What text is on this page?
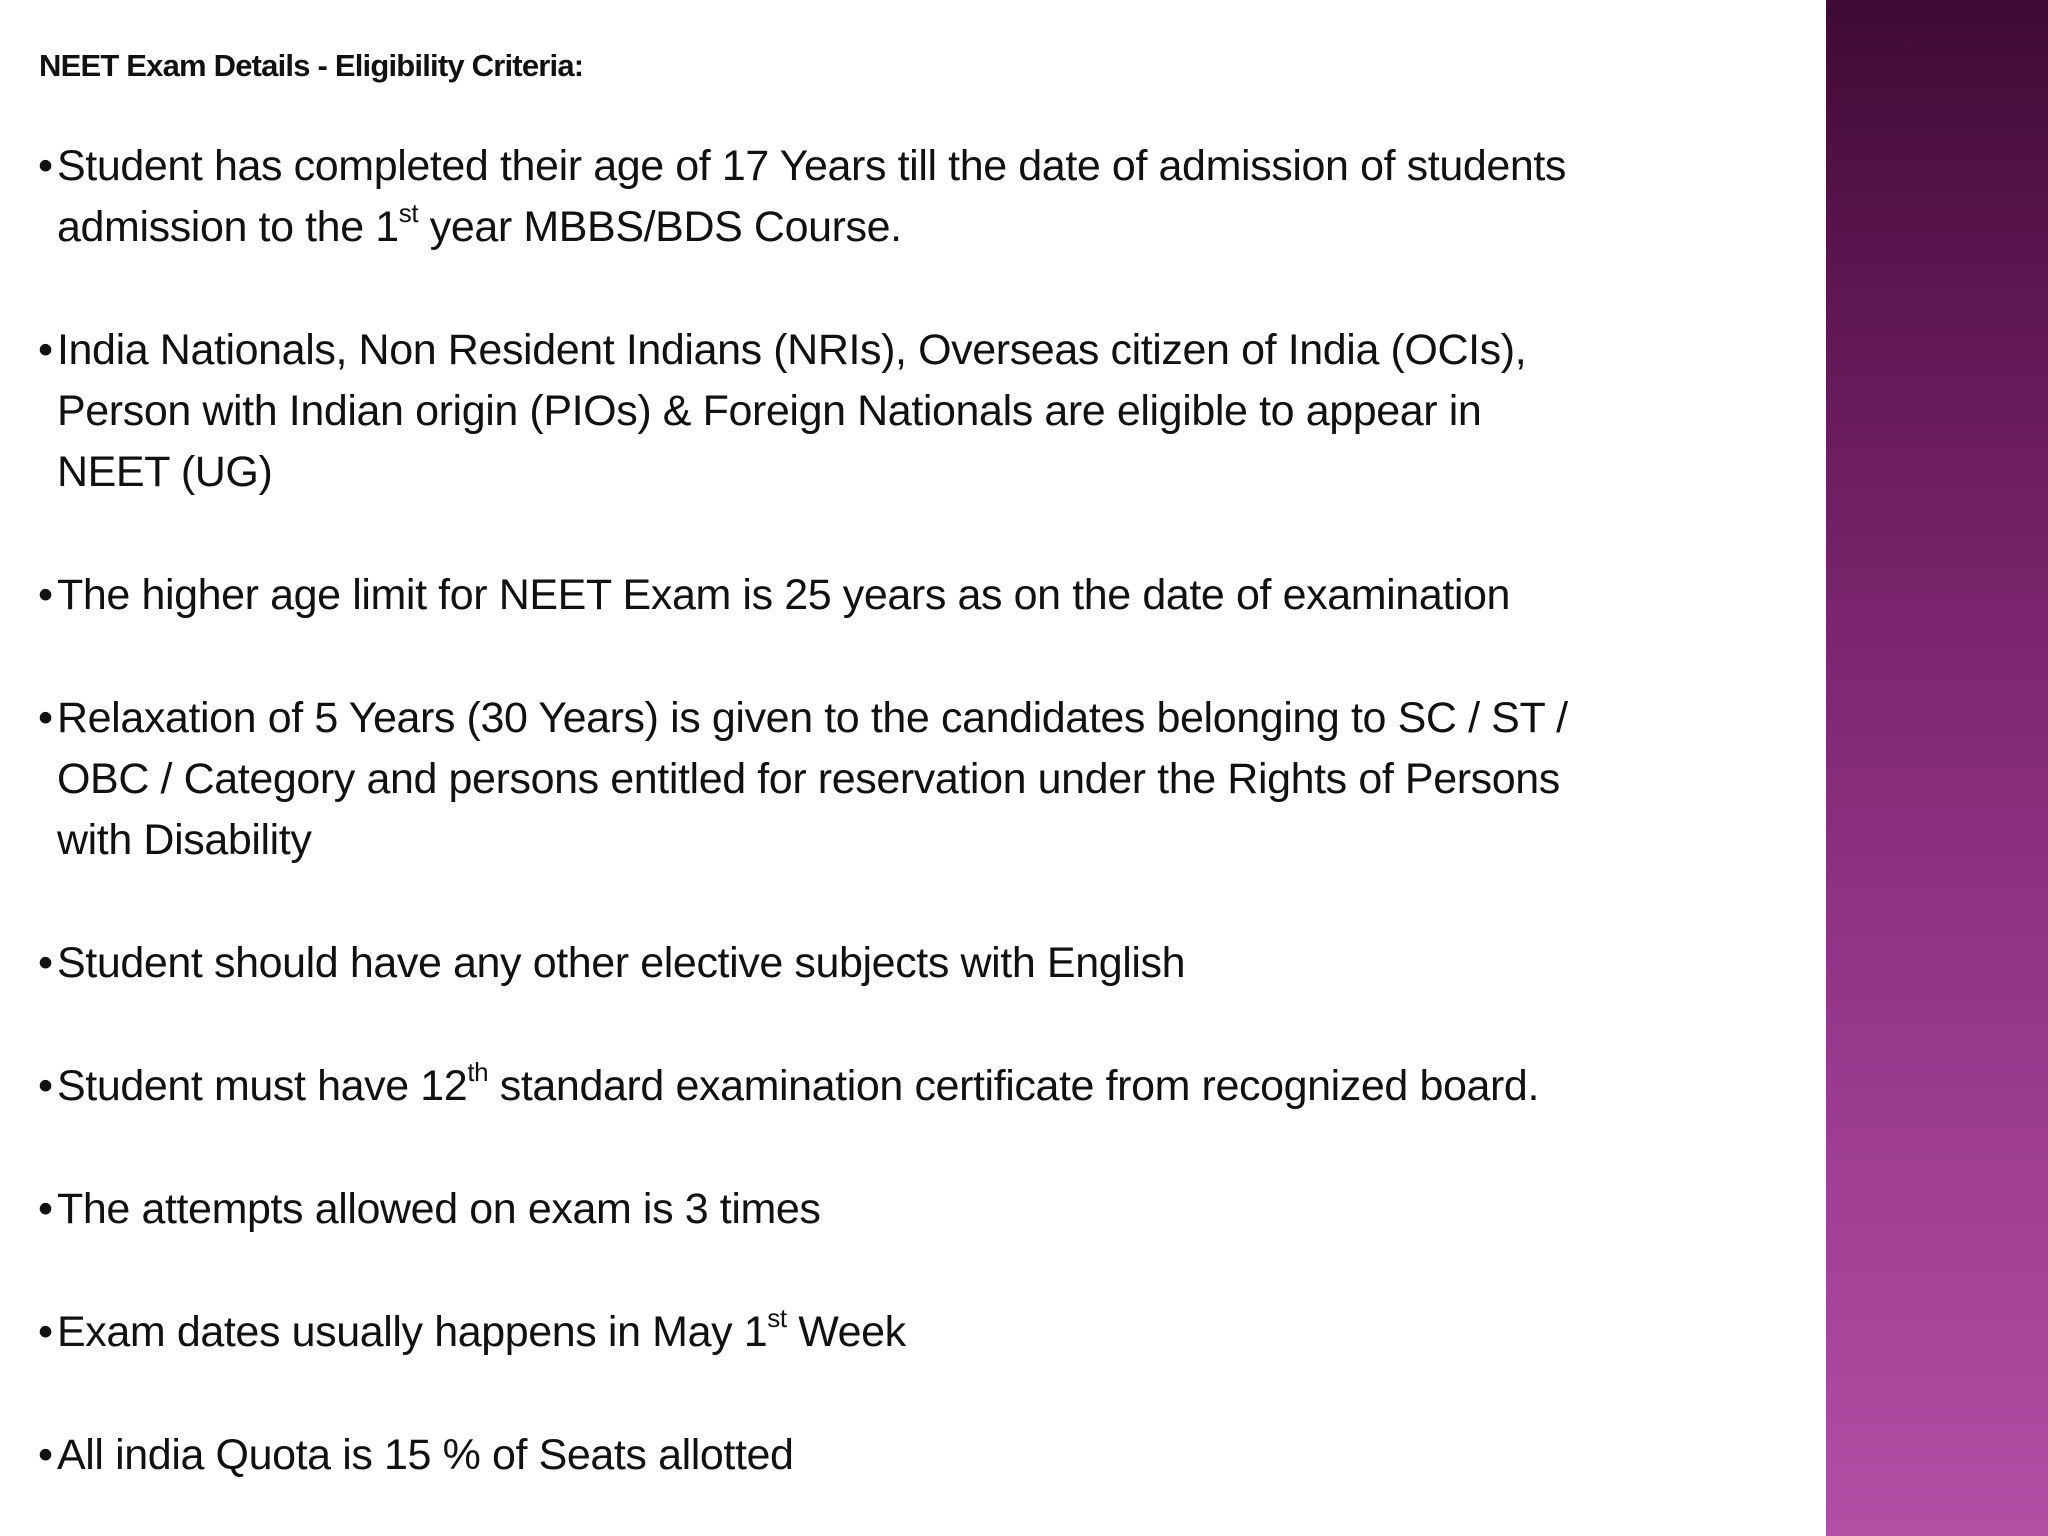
NEET Exam Details - Eligibility Criteria:
• Student has completed their age of 17 Years till the date of admission of students
admission to the 1st year MBBS/BDS Course.
• India Nationals, Non Resident Indians (NRIs), Overseas citizen of India (OCIs),
Person with Indian origin (PIOs) & Foreign Nationals are eligible to appear in
NEET (UG)
• The higher age limit for NEET Exam is 25 years as on the date of examination
• Relaxation of 5 Years (30 Years) is given to the candidates belonging to SC / ST /
OBC / Category and persons entitled for reservation under the Rights of Persons
with Disability
• Student should have any other elective subjects with English
• Student must have 12th standard examination certificate from recognized board.
• The attempts allowed on exam is 3 times
• Exam dates usually happens in May 1st Week
• All india Quota is 15 % of Seats allotted
